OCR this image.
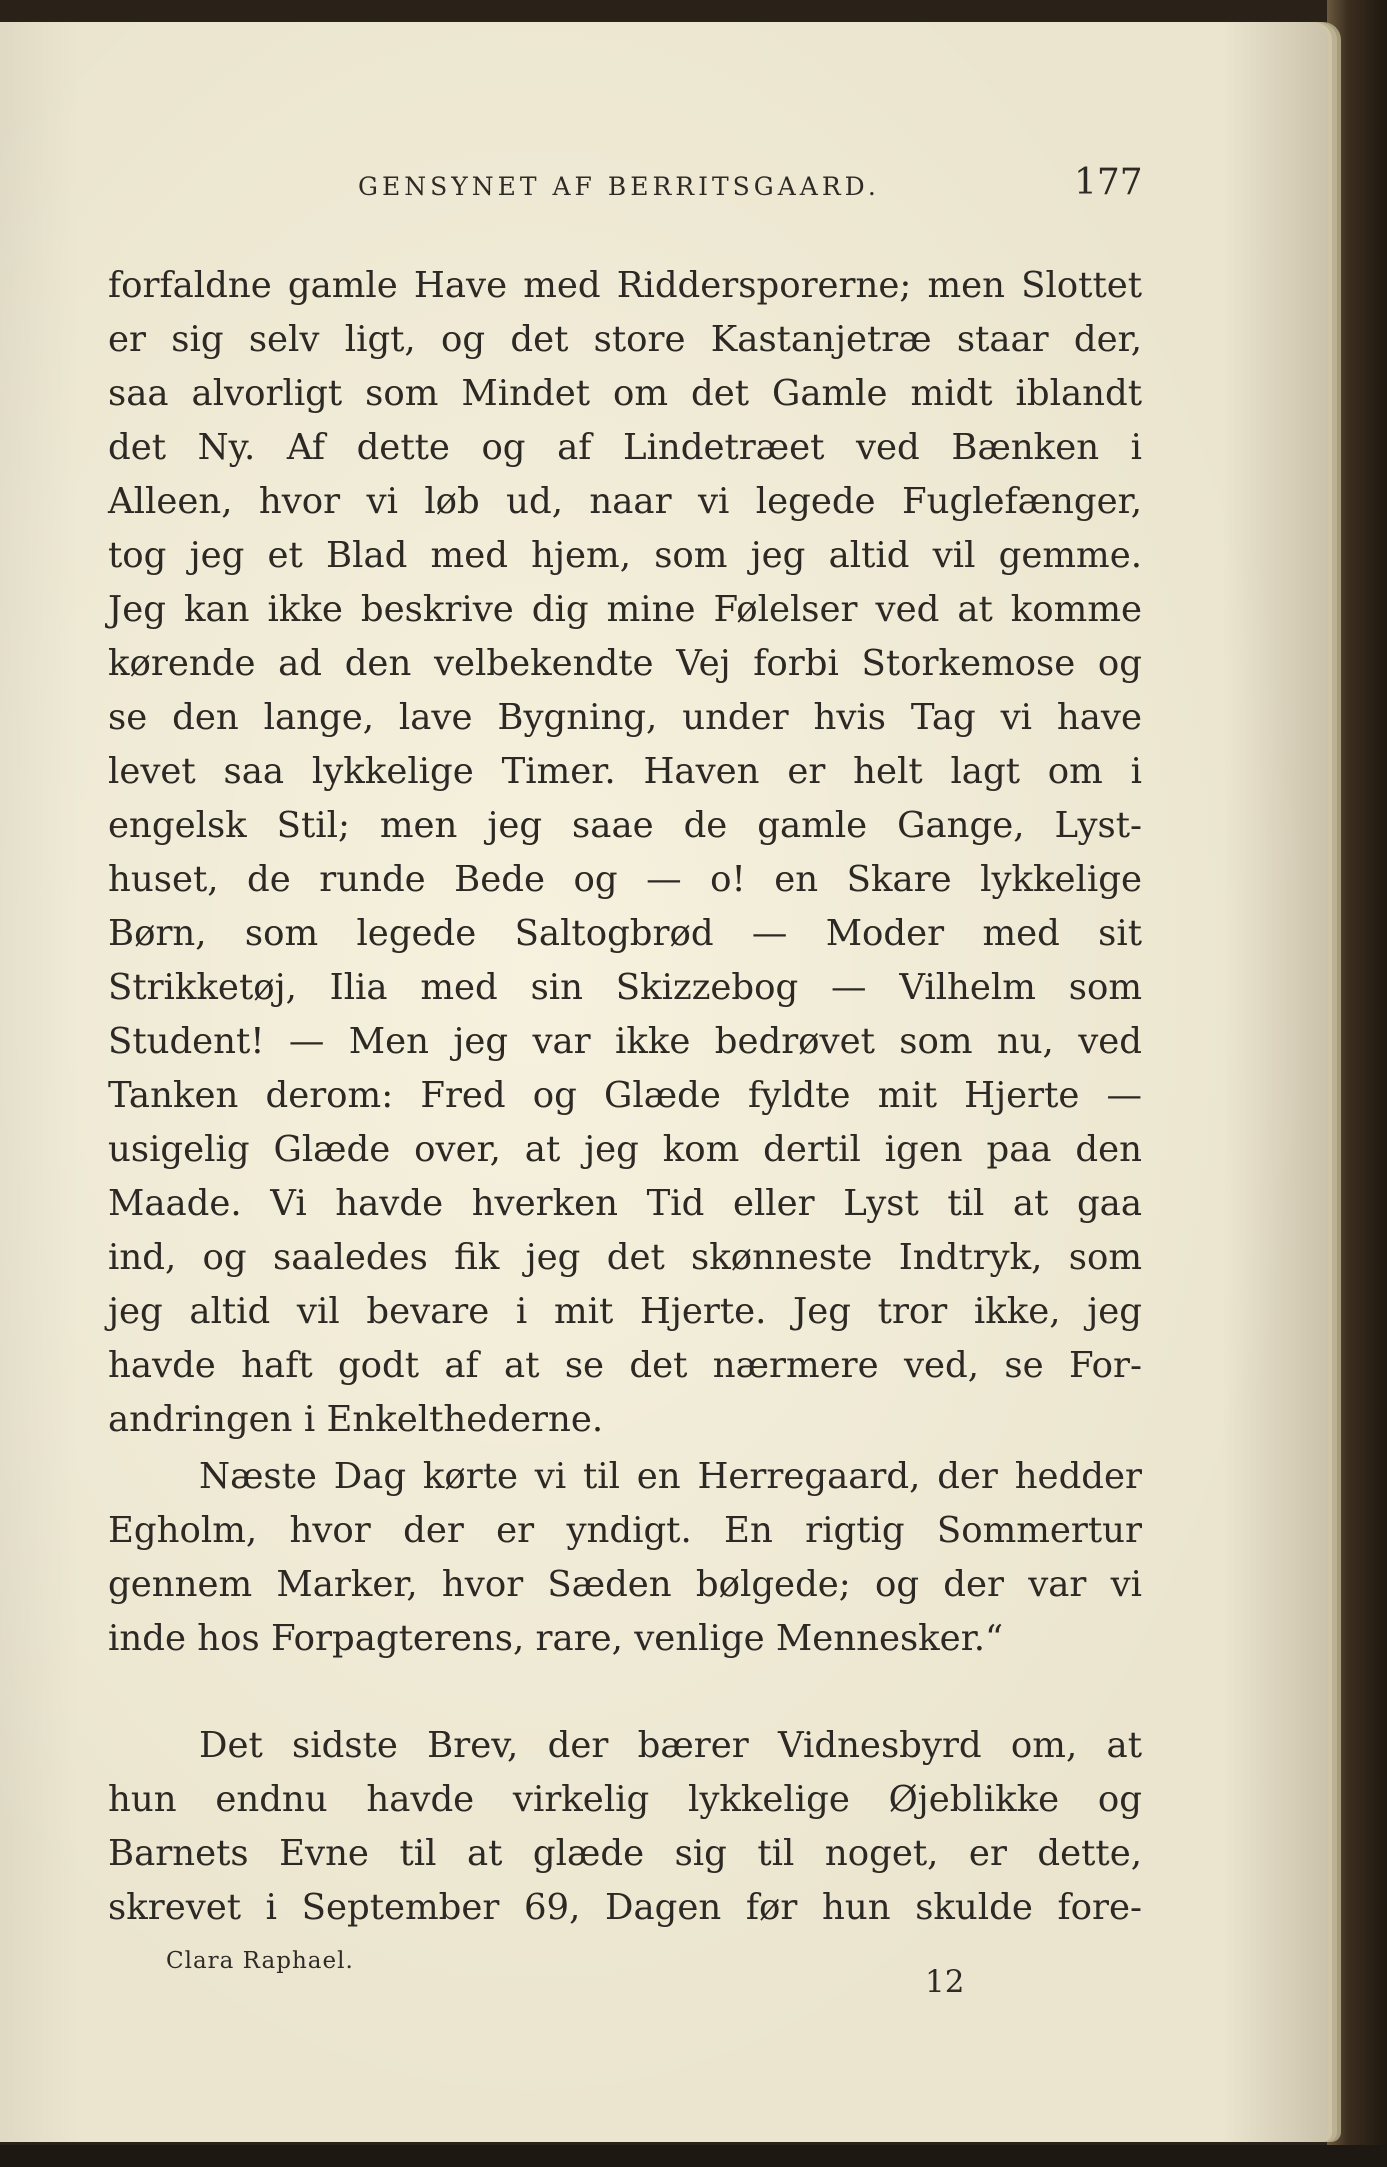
GENSYNET AF BERRITSGAARD.	177
forfaldne gamle Have med Riddersporerne; men Slottet
er sig selv ligt, og det store Kastanjetræ staar der,
saa alvorligt som Mindet om det Gamle midt iblandt
det Ny. Af dette og af Lindetræet ved Bænken i
Alleen, hvor vi løb ud, naar vi legede Fuglefænger,
tog jeg et Blad med hjem, som jeg altid vil gemme.
Jeg kan ikke beskrive dig mine Følelser ved at komme
kørende ad den velbekendte Vej forbi Storkemose og
se den lange, lave Bygning, under hvis Tag vi have
levet saa lykkelige Timer. Haven er helt lagt om i
engelsk Stil; men jeg saae de gamle Gange, Lyst-
huset, de runde Bede og — o! en Skare lykkelige
Børn, som legede Saltogbrød — Moder med sit
Strikketøj, Ilia med sin Skizzebog — Vilhelm som
Student! — Men jeg var ikke bedrøvet som nu, ved
Tanken derom: Fred og Glæde fyldte mit Hjerte —
usigelig Glæde over, at jeg kom dertil igen paa den
Maade. Vi havde hverken Tid eller Lyst til at gaa
ind, og saaledes fik jeg det skønneste Indtryk, som
jeg altid vil bevare i mit Hjerte. Jeg tror ikke, jeg
havde haft godt af at se det nærmere ved, se For-
andringen i Enkelthederne.
Næste Dag kørte vi til en Herregaard, der hedder
Egholm, hvor der er yndigt. En rigtig Sommertur
gennem Marker, hvor Sæden bølgede; og der var vi
inde hos Forpagterens, rare, venlige Mennesker.“
Det sidste Brev, der bærer Vidnesbyrd om, at
hun endnu havde virkelig lykkelige Øjeblikke og
Barnets Evne til at glæde sig til noget, er dette,
skrevet i September 69, Dagen før hun skulde fore-
Clara Raphael.
12
